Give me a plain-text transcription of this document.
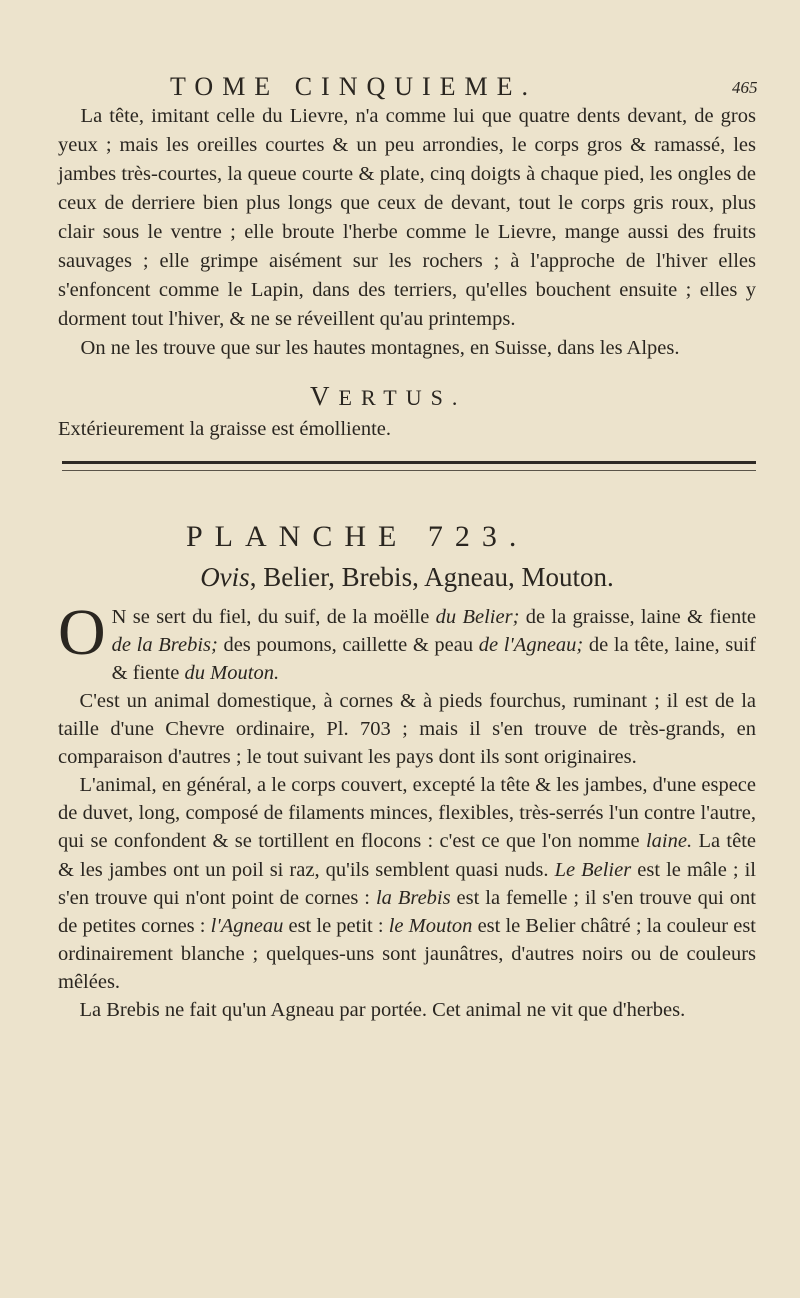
TOME CINQUIEME.	465

La tête, imitant celle du Lievre, n'a comme lui que quatre dents devant, de gros yeux ; mais les oreilles courtes & un peu arrondies, le corps gros & ramassé, les jambes très-courtes, la queue courte & plate, cinq doigts à chaque pied, les ongles de ceux de derriere bien plus longs que ceux de devant, tout le corps gris roux, plus clair sous le ventre ; elle broute l'herbe comme le Lievre, mange aussi des fruits sauvages ; elle grimpe aisément sur les rochers ; à l'approche de l'hiver elles s'enfoncent comme le Lapin, dans des terriers, qu'elles bouchent ensuite ; elles y dorment tout l'hiver, & ne se réveillent qu'au printemps.

On ne les trouve que sur les hautes montagnes, en Suisse, dans les Alpes.

VERTUS.

Extérieurement la graisse est émolliente.

PLANCHE 723.
Ovis, Belier, Brebis, Agneau, Mouton.
O N se sert du fiel, du suif, de la moëlle du Belier; de la graisse, laine & fiente de la Brebis; des poumons, caillette & peau de l'Agneau; de la tête, laine, suif & fiente du Mouton.

C'est un animal domestique, à cornes & à pieds fourchus, ruminant ; il est de la taille d'une Chevre ordinaire, Pl. 703 ; mais il s'en trouve de très-grands, en comparaison d'autres ; le tout suivant les pays dont ils sont originaires.

L'animal, en général, a le corps couvert, excepté la tête & les jambes, d'une espece de duvet, long, composé de filaments minces, flexibles, très-serrés l'un contre l'autre, qui se confondent & se tortillent en flocons : c'est ce que l'on nomme laine. La tête & les jambes ont un poil si raz, qu'ils semblent quasi nuds. Le Belier est le mâle ; il s'en trouve qui n'ont point de cornes : la Brebis est la femelle ; il s'en trouve qui ont de petites cornes : l'Agneau est le petit : le Mouton est le Belier châtré ; la couleur est ordinairement blanche ; quelques-uns sont jaunâtres, d'autres noirs ou de couleurs mêlées.

La Brebis ne fait qu'un Agneau par portée. Cet animal ne vit que d'herbes.
